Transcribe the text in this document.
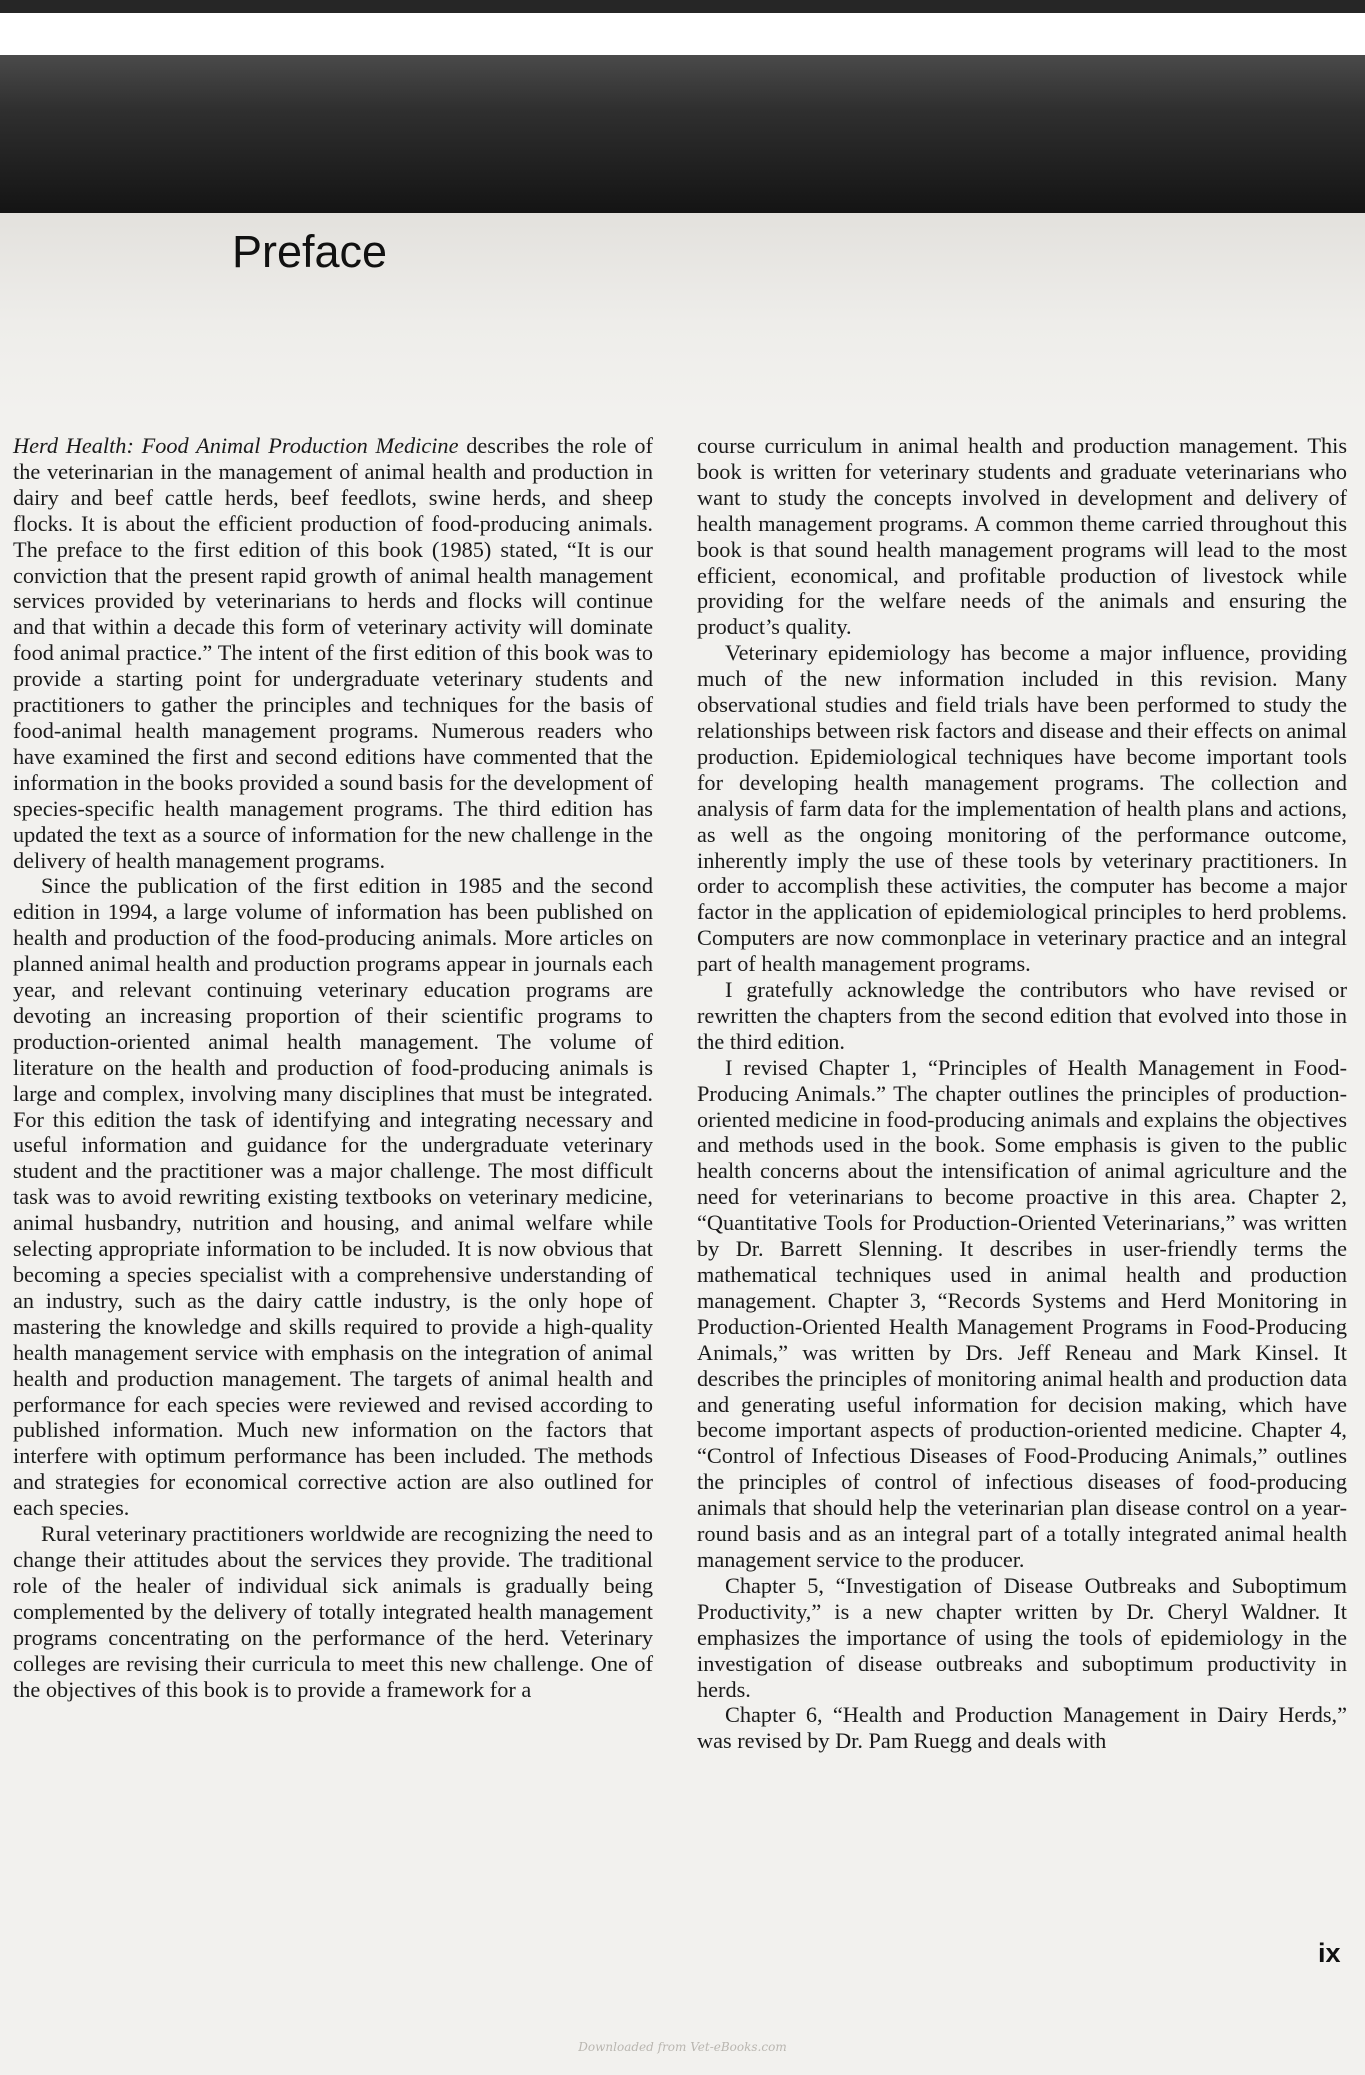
Preface

Herd Health: Food Animal Production Medicine describes the role of the veterinarian in the management of animal health and production in dairy and beef cattle herds, beef feedlots, swine herds, and sheep flocks. It is about the efficient production of food-producing animals. The preface to the first edition of this book (1985) stated, “It is our conviction that the present rapid growth of animal health management services provided by veterinarians to herds and flocks will continue and that within a decade this form of veterinary activity will dominate food animal practice.” The intent of the first edition of this book was to provide a starting point for undergraduate veterinary students and practitioners to gather the principles and techniques for the basis of food-animal health management programs. Numerous readers who have examined the first and second editions have commented that the information in the books provided a sound basis for the development of species-specific health management programs. The third edition has updated the text as a source of information for the new challenge in the delivery of health management programs.

Since the publication of the first edition in 1985 and the second edition in 1994, a large volume of information has been published on health and production of the food-producing animals. More articles on planned animal health and production programs appear in journals each year, and relevant continuing veterinary education programs are devoting an increasing proportion of their scientific programs to production-oriented animal health management. The volume of literature on the health and production of food-producing animals is large and complex, involving many disciplines that must be integrated. For this edition the task of identifying and integrating necessary and useful information and guidance for the undergraduate veterinary student and the practitioner was a major challenge. The most difficult task was to avoid rewriting existing textbooks on veterinary medicine, animal husbandry, nutrition and housing, and animal welfare while selecting appropriate information to be included. It is now obvious that becoming a species specialist with a comprehensive understanding of an industry, such as the dairy cattle industry, is the only hope of mastering the knowledge and skills required to provide a high-quality health management service with emphasis on the integration of animal health and production management. The targets of animal health and performance for each species were reviewed and revised according to published information. Much new information on the factors that interfere with optimum performance has been included. The methods and strategies for economical corrective action are also outlined for each species.

Rural veterinary practitioners worldwide are recognizing the need to change their attitudes about the services they provide. The traditional role of the healer of individual sick animals is gradually being complemented by the delivery of totally integrated health management programs concentrating on the performance of the herd. Veterinary colleges are revising their curricula to meet this new challenge. One of the objectives of this book is to provide a framework for a

course curriculum in animal health and production management. This book is written for veterinary students and graduate veterinarians who want to study the concepts involved in development and delivery of health management programs. A common theme carried throughout this book is that sound health management programs will lead to the most efficient, economical, and profitable production of livestock while providing for the welfare needs of the animals and ensuring the product’s quality.

Veterinary epidemiology has become a major influence, providing much of the new information included in this revision. Many observational studies and field trials have been performed to study the relationships between risk factors and disease and their effects on animal production. Epidemiological techniques have become important tools for developing health management programs. The collection and analysis of farm data for the implementation of health plans and actions, as well as the ongoing monitoring of the performance outcome, inherently imply the use of these tools by veterinary practitioners. In order to accomplish these activities, the computer has become a major factor in the application of epidemiological principles to herd problems. Computers are now commonplace in veterinary practice and an integral part of health management programs.

I gratefully acknowledge the contributors who have revised or rewritten the chapters from the second edition that evolved into those in the third edition.

I revised Chapter 1, “Principles of Health Management in Food-Producing Animals.” The chapter outlines the principles of production-oriented medicine in food-producing animals and explains the objectives and methods used in the book. Some emphasis is given to the public health concerns about the intensification of animal agriculture and the need for veterinarians to become proactive in this area. Chapter 2, “Quantitative Tools for Production-Oriented Veterinarians,” was written by Dr. Barrett Slenning. It describes in user-friendly terms the mathematical techniques used in animal health and production management. Chapter 3, “Records Systems and Herd Monitoring in Production-Oriented Health Management Programs in Food-Producing Animals,” was written by Drs. Jeff Reneau and Mark Kinsel. It describes the principles of monitoring animal health and production data and generating useful information for decision making, which have become important aspects of production-oriented medicine. Chapter 4, “Control of Infectious Diseases of Food-Producing Animals,” outlines the principles of control of infectious diseases of food-producing animals that should help the veterinarian plan disease control on a year-round basis and as an integral part of a totally integrated animal health management service to the producer.

Chapter 5, “Investigation of Disease Outbreaks and Suboptimum Productivity,” is a new chapter written by Dr. Cheryl Waldner. It emphasizes the importance of using the tools of epidemiology in the investigation of disease outbreaks and suboptimum productivity in herds.

Chapter 6, “Health and Production Management in Dairy Herds,” was revised by Dr. Pam Ruegg and deals with

ix
Downloaded from Vet-eBooks.com
